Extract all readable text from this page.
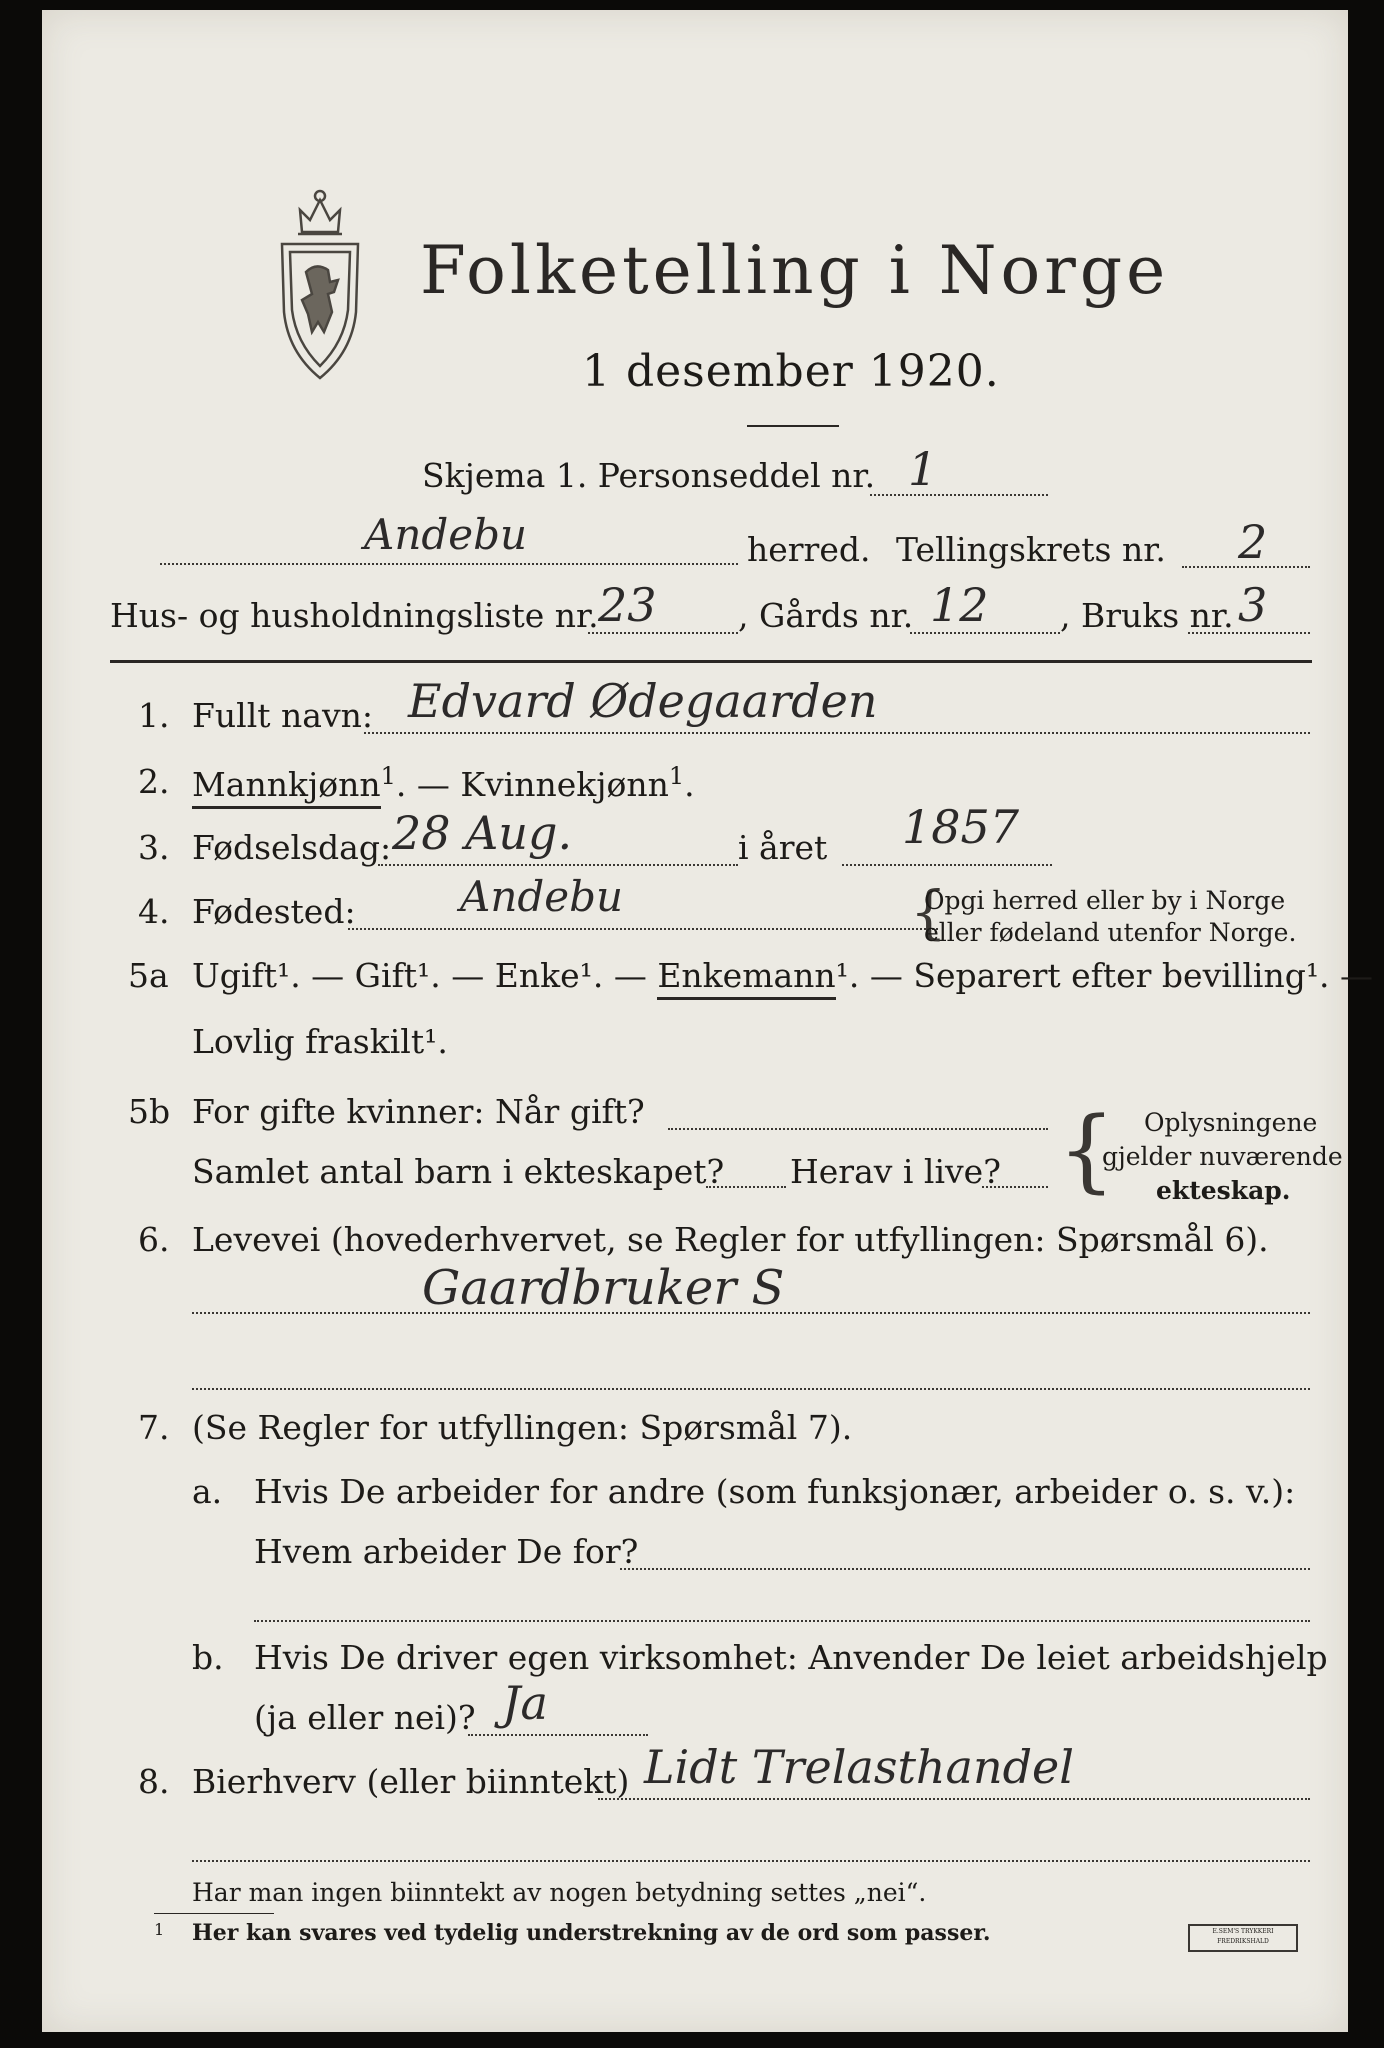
Folketelling i Norge
1 desember 1920.
Skjema 1. Personseddel nr. 1
Andebu	herred. Tellingskrets nr. 2
Hus- og husholdningsliste nr. 23 , Gårds nr. 12 , Bruks nr. 3
1. Fullt navn: Edvard Ødegaarden
2. Mannkjønn$^1$. — Kvinnekjønn$^1$.
3. Fødselsdag: 28 Aug.	i året 1857
4. Fødested: Andebu	{
Opgi herred eller by i Norge
eller fødeland utenfor Norge.
5a Ugift¹. — Gift¹. — Enke¹. — Enkemann¹. — Separert efter bevilling¹. —
Lovlig fraskilt¹.
5b For gifte kvinner: Når gift?
Samlet antal barn i ekteskapet? Herav i live? { Oplysningene
gjelder nuværende
ekteskap.
6. Levevei (hovederhvervet, se Regler for utfyllingen: Spørsmål 6).
Gaardbruker S
7. (Se Regler for utfyllingen: Spørsmål 7).
a. Hvis De arbeider for andre (som funksjonær, arbeider o. s. v.):
Hvem arbeider De for?
b. Hvis De driver egen virksomhet: Anvender De leiet arbeidshjelp
(ja eller nei)? Ja
8. Bierhverv (eller biinntekt) Lidt Trelasthandel
Har man ingen biinntekt av nogen betydning settes „nei“.
1 Her kan svares ved tydelig understrekning av de ord som passer.	E.SEM'S TRYKKERI FREDRIKSHALD
